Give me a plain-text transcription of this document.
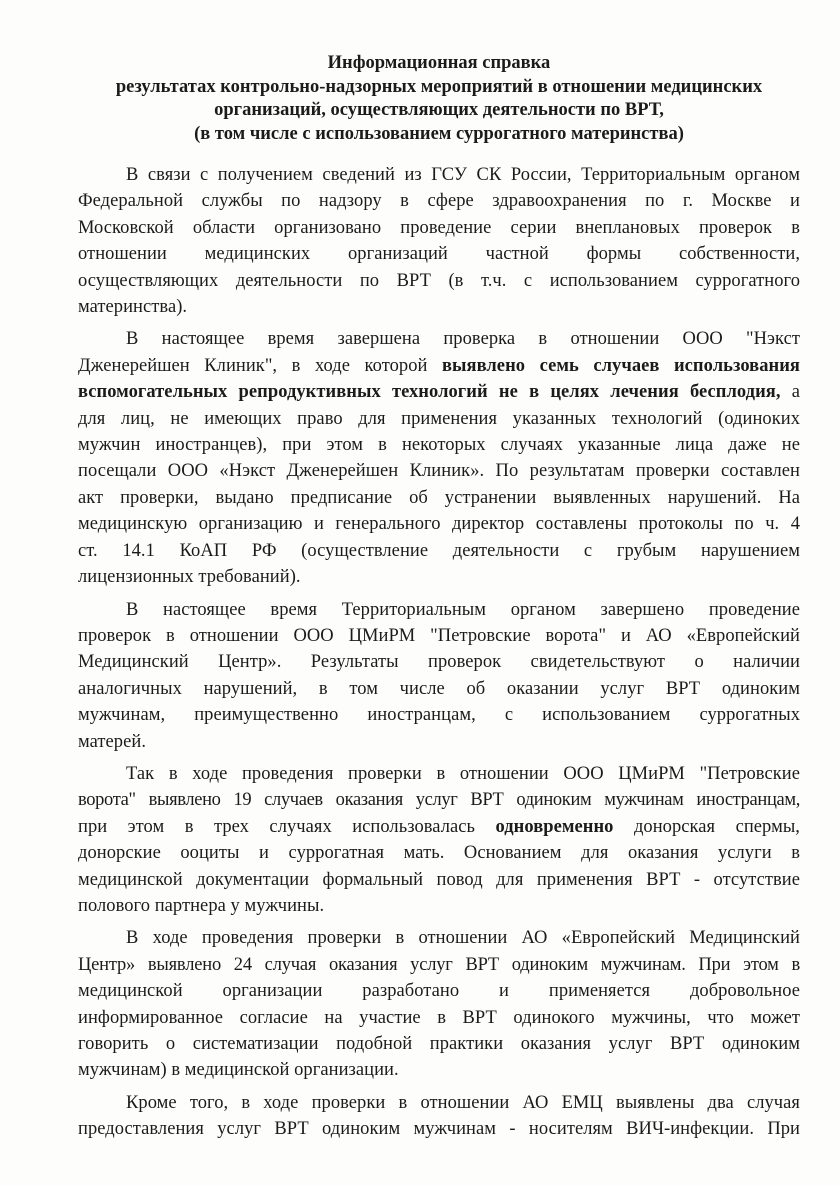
Информационная справка
результатах контрольно-надзорных мероприятий в отношении медицинских
организаций, осуществляющих деятельности по ВРТ,
(в том числе с использованием суррогатного материнства)
В связи с получением сведений из ГСУ СК России, Территориальным органом
Федеральной службы по надзору в сфере здравоохранения по г. Москве и
Московской области организовано проведение серии внеплановых проверок в
отношении медицинских организаций частной формы собственности,
осуществляющих деятельности по ВРТ (в т.ч. с использованием суррогатного
материнства).
В настоящее время завершена проверка в отношении ООО "Нэкст
Дженерейшен Клиник", в ходе которой выявлено семь случаев использования
вспомогательных репродуктивных технологий не в целях лечения бесплодия, а
для лиц, не имеющих право для применения указанных технологий (одиноких
мужчин иностранцев), при этом в некоторых случаях указанные лица даже не
посещали ООО «Нэкст Дженерейшен Клиник». По результатам проверки составлен
акт проверки, выдано предписание об устранении выявленных нарушений. На
медицинскую организацию и генерального директор составлены протоколы по ч. 4
ст. 14.1 КоАП РФ (осуществление деятельности с грубым нарушением
лицензионных требований).
В настоящее время Территориальным органом завершено проведение
проверок в отношении ООО ЦМиРМ "Петровские ворота" и АО «Европейский
Медицинский Центр». Результаты проверок свидетельствуют о наличии
аналогичных нарушений, в том числе об оказании услуг ВРТ одиноким
мужчинам, преимущественно иностранцам, с использованием суррогатных
матерей.
Так в ходе проведения проверки в отношении ООО ЦМиРМ "Петровские
ворота" выявлено 19 случаев оказания услуг ВРТ одиноким мужчинам иностранцам,
при этом в трех случаях использовалась одновременно донорская спермы,
донорские ооциты и суррогатная мать. Основанием для оказания услуги в
медицинской документации формальный повод для применения ВРТ - отсутствие
полового партнера у мужчины.
В ходе проведения проверки в отношении АО «Европейский Медицинский
Центр» выявлено 24 случая оказания услуг ВРТ одиноким мужчинам. При этом в
медицинской организации разработано и применяется добровольное
информированное согласие на участие в ВРТ одинокого мужчины, что может
говорить о систематизации подобной практики оказания услуг ВРТ одиноким
мужчинам) в медицинской организации.
Кроме того, в ходе проверки в отношении АО ЕМЦ выявлены два случая
предоставления услуг ВРТ одиноким мужчинам - носителям ВИЧ-инфекции. При
